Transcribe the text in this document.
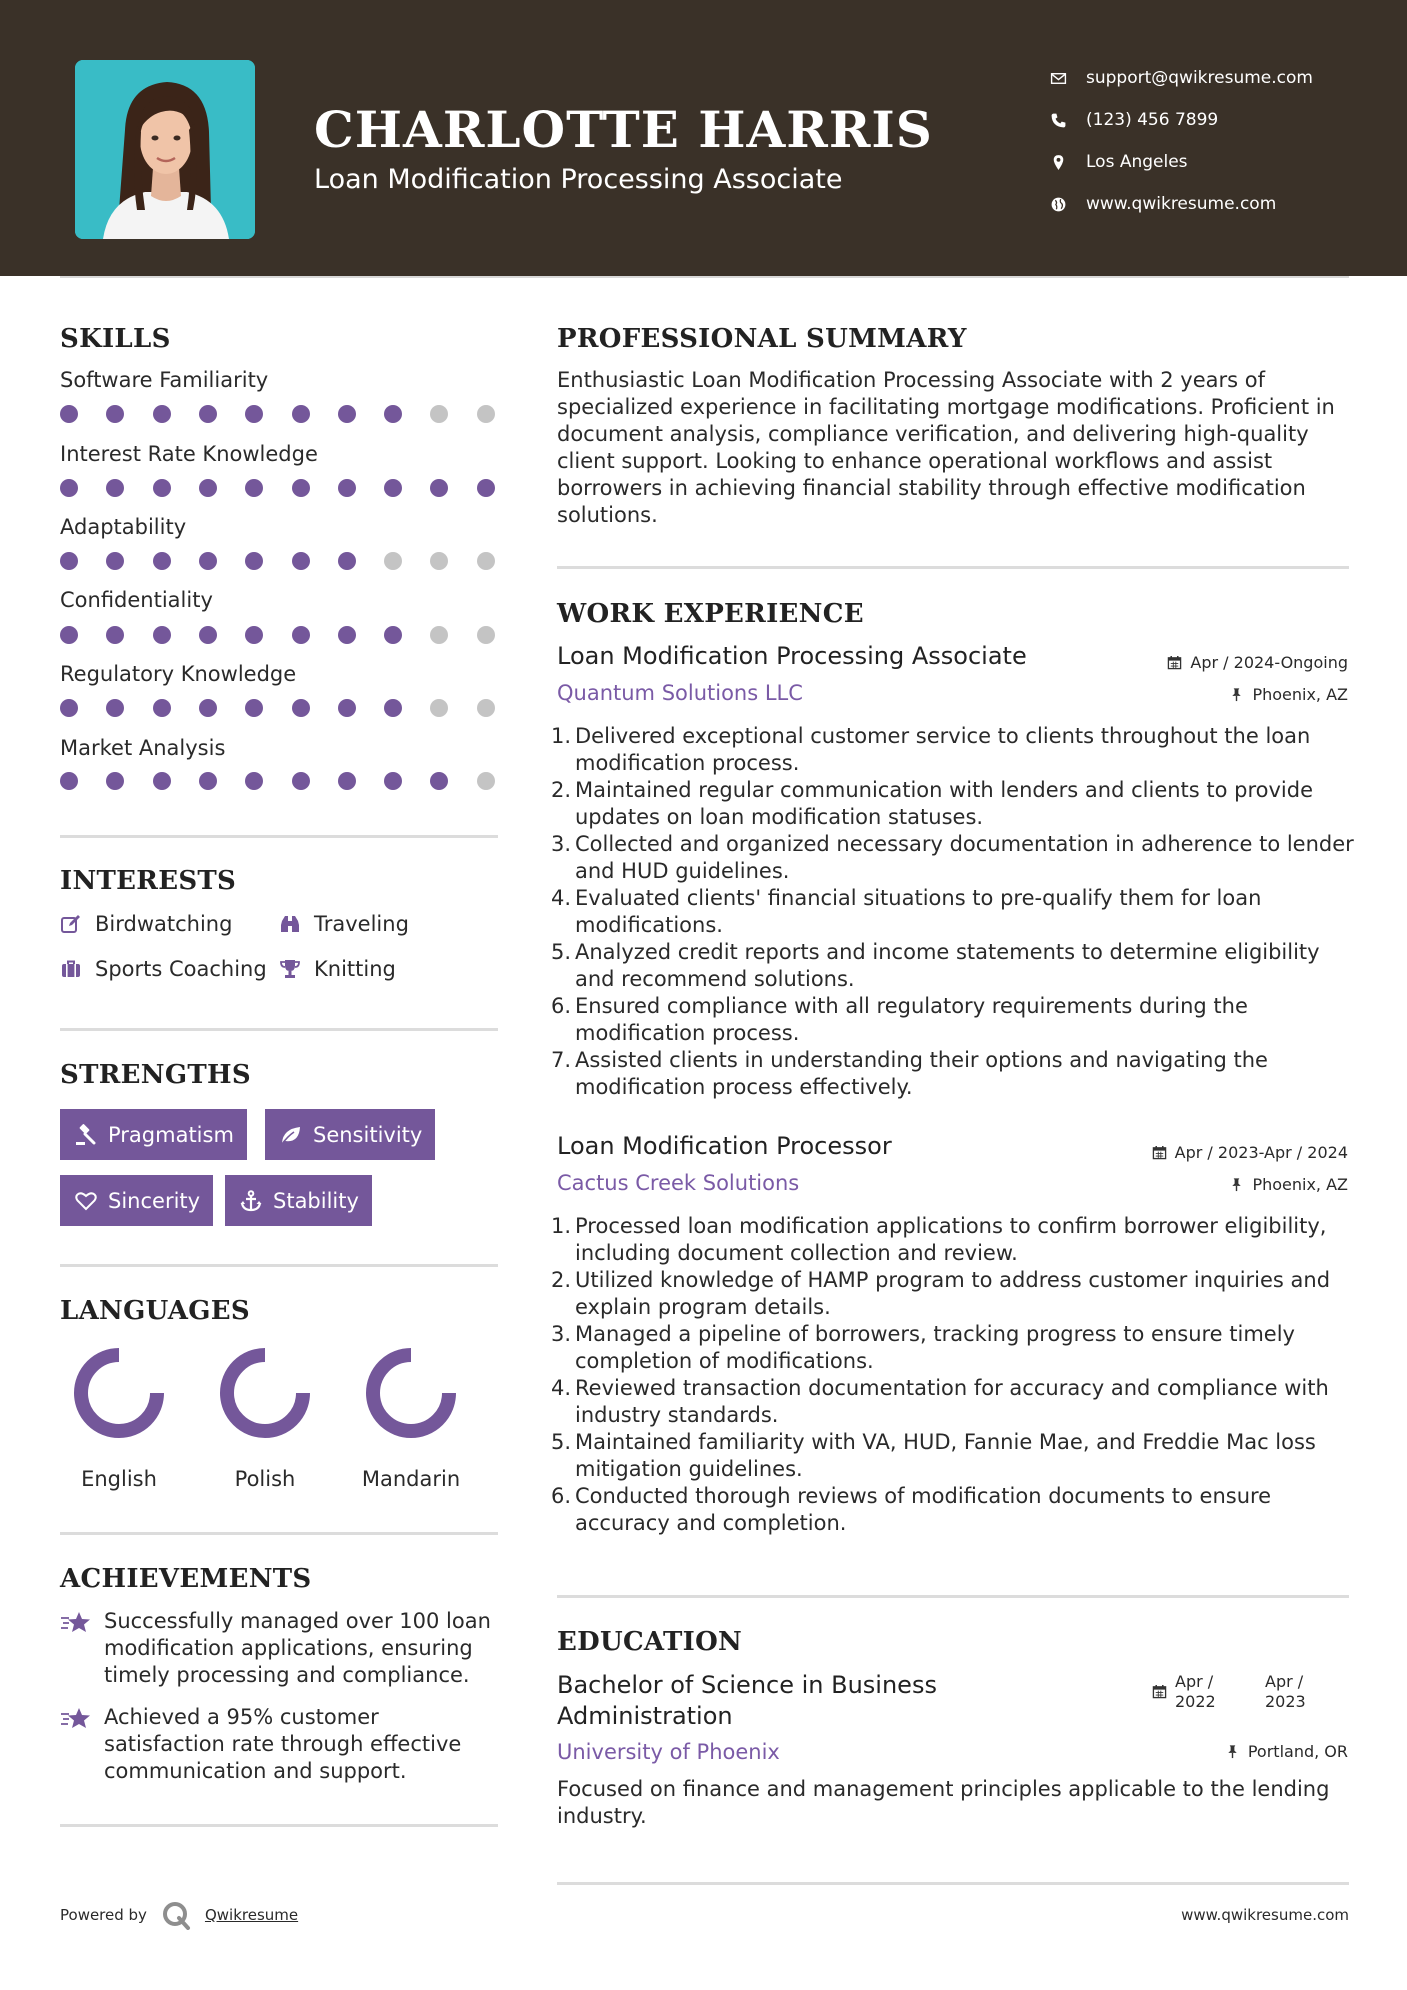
CHARLOTTE HARRIS
Loan Modification Processing Associate
support@qwikresume.com
(123) 456 7899
Los Angeles
www.qwikresume.com
SKILLS
Software Familiarity
Interest Rate Knowledge
Adaptability
Confidentiality
Regulatory Knowledge
Market Analysis
INTERESTS
Birdwatching	Traveling
Sports Coaching Knitting
STRENGTHS
Pragmatism	Sensitivity
Sincerity	Stability
LANGUAGES
English	Polish	Mandarin
ACHIEVEMENTS
Successfully managed over 100 loan modification applications, ensuring timely processing and compliance.
Achieved a 95% customer satisfaction rate through effective communication and support.
Powered by	Qwikresume	www.qwikresume.com
PROFESSIONAL SUMMARY
Enthusiastic Loan Modification Processing Associate with 2 years of specialized experience in facilitating mortgage modifications. Proficient in document analysis, compliance verification, and delivering high-quality client support. Looking to enhance operational workflows and assist borrowers in achieving financial stability through effective modification solutions.
WORK EXPERIENCE
Loan Modification Processing Associate	Apr / 2024-Ongoing
Quantum Solutions LLC	Phoenix, AZ
1. Delivered exceptional customer service to clients throughout the loan modification process.
2. Maintained regular communication with lenders and clients to provide updates on loan modification statuses.
3. Collected and organized necessary documentation in adherence to lender and HUD guidelines.
4. Evaluated clients' financial situations to pre-qualify them for loan modifications.
5. Analyzed credit reports and income statements to determine eligibility and recommend solutions.
6. Ensured compliance with all regulatory requirements during the modification process.
7. Assisted clients in understanding their options and navigating the modification process effectively.
Loan Modification Processor	Apr / 2023-Apr / 2024
Cactus Creek Solutions	Phoenix, AZ
1. Processed loan modification applications to confirm borrower eligibility, including document collection and review.
2. Utilized knowledge of HAMP program to address customer inquiries and explain program details.
3. Managed a pipeline of borrowers, tracking progress to ensure timely completion of modifications.
4. Reviewed transaction documentation for accuracy and compliance with industry standards.
5. Maintained familiarity with VA, HUD, Fannie Mae, and Freddie Mac loss mitigation guidelines.
6. Conducted thorough reviews of modification documents to ensure accuracy and completion.
EDUCATION
Bachelor of Science in Business Administration
Apr / 2022
Apr / 2023
University of Phoenix	Portland, OR
Focused on finance and management principles applicable to the lending industry.
